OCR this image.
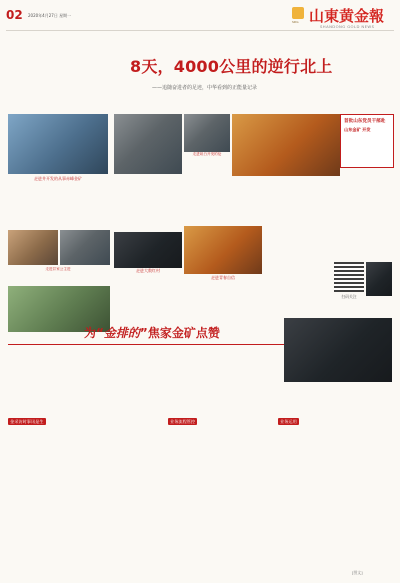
02 2020年4月27日 星期一
SDG 山東黄金報
SHANDONG GOLD NEWS

8天，4000公里的逆行北上
——追随奋进者的足迹，中华看到的正能量记录
走进井开发的从事赤峰金矿
走进井家公主进	走进大数红村
走进坦白开发的伦
首批山东党员干部赴
山东金矿 开发
走进青春自信
扫码关注
为“金排的”焦家金矿点赞
金采访时事讯是生	业务流程管控	业务运用
[图文]
